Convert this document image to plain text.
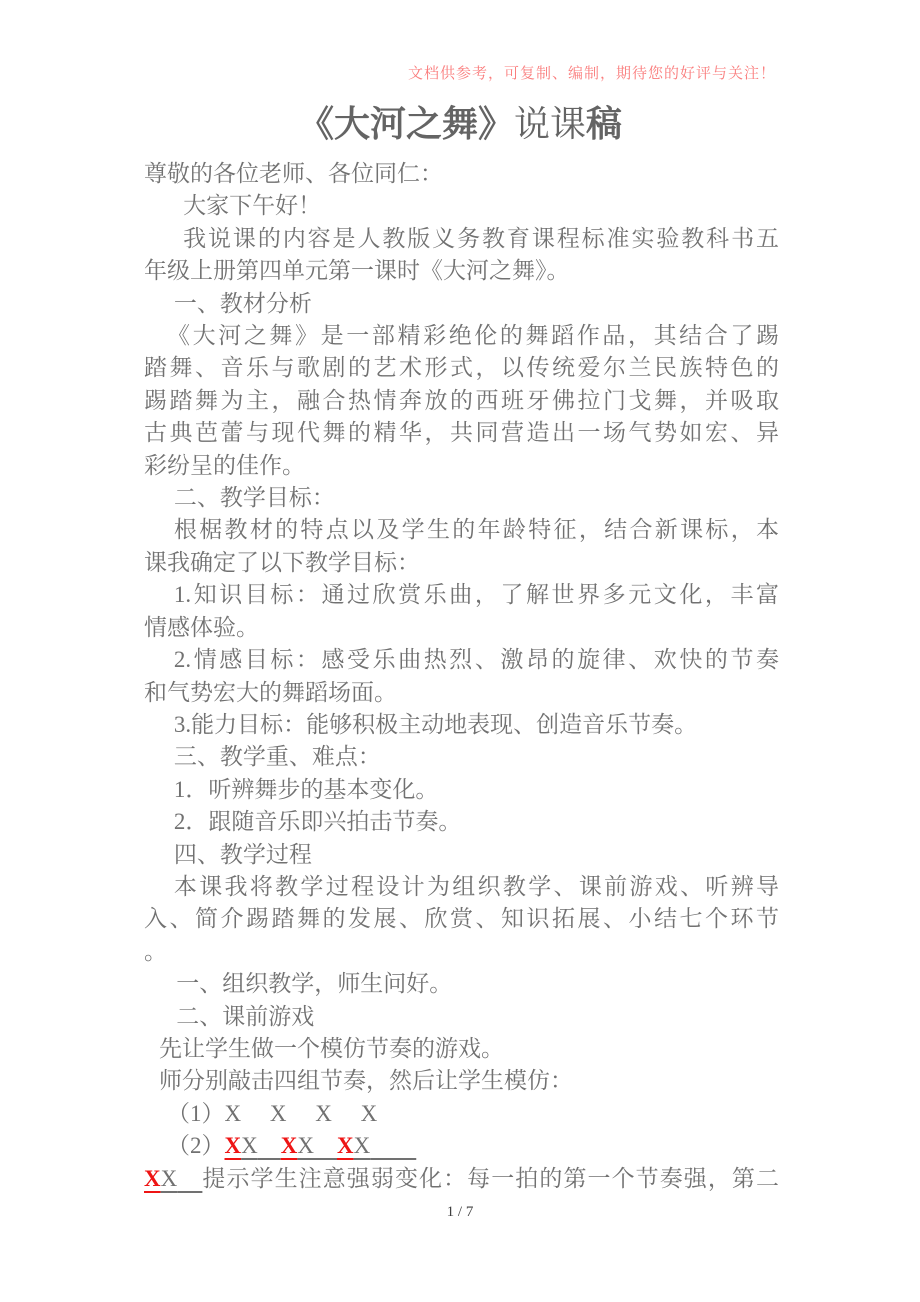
文档供参考，可复制、编制，期待您的好评与关注！
《大河之舞》说课稿
尊敬的各位老师、各位同仁：
大家下午好！
我说课的内容是人教版义务教育课程标准实验教科书五
年级上册第四单元第一课时《大河之舞》。
一、教材分析
《大河之舞》是一部精彩绝伦的舞蹈作品，其结合了踢
踏舞、音乐与歌剧的艺术形式，以传统爱尔兰民族特色的
踢踏舞为主，融合热情奔放的西班牙佛拉门戈舞，并吸取
古典芭蕾与现代舞的精华，共同营造出一场气势如宏、异
彩纷呈的佳作。
二、教学目标：
根椐教材的特点以及学生的年龄特征，结合新课标，本
课我确定了以下教学目标：
1.知识目标：通过欣赏乐曲，了解世界多元文化，丰富
情感体验。
2.情感目标：感受乐曲热烈、激昂的旋律、欢快的节奏
和气势宏大的舞蹈场面。
3.能力目标：能够积极主动地表现、创造音乐节奏。
三、教学重、难点：
1．听辨舞步的基本变化。
2．跟随音乐即兴拍击节奏。
四、教学过程
本课我将教学过程设计为组织教学、课前游戏、听辨导
入、简介踢踏舞的发展、欣赏、知识拓展、小结七个环节
。
一、组织教学，师生问好。
二、课前游戏
先让学生做一个模仿节奏的游戏。
师分别敲击四组节奏，然后让学生模仿：
（1）X　 X　 X　 X
（2）XX　 XX　 XX　　
XX　 提示学生注意强弱变化：每一拍的第一个节奏强，第二
1 / 7
